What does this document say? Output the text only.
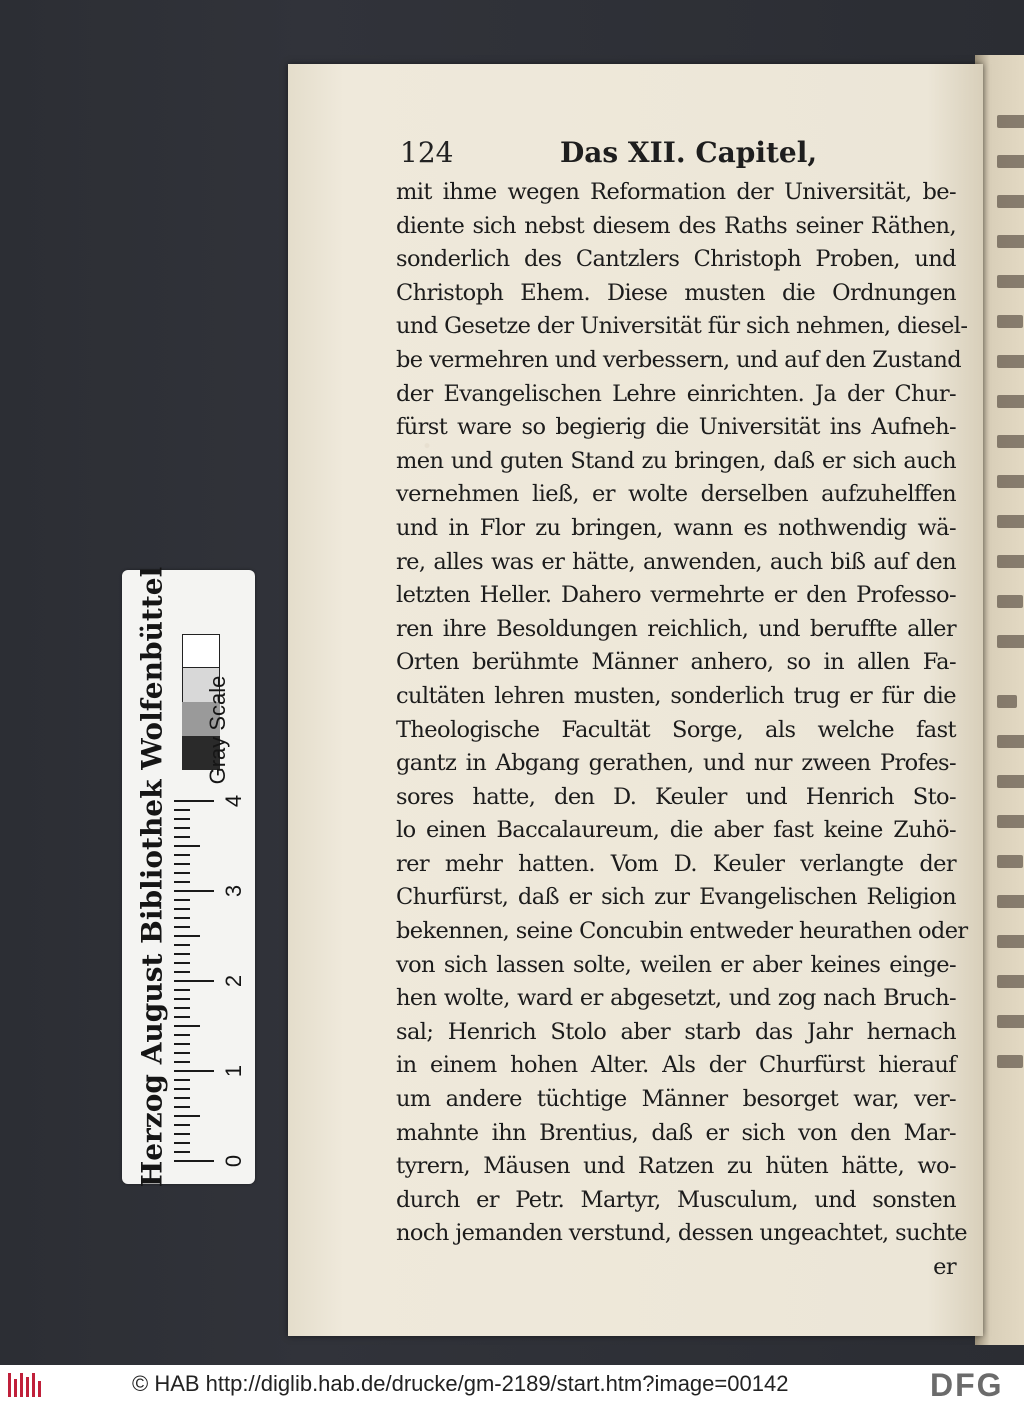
124	Das XII. Capitel,
mit ihme wegen Reformation der Universität, be-
diente sich nebst diesem des Raths seiner Räthen,
sonderlich des Cantzlers Christoph Proben, und
Christoph Ehem. Diese musten die Ordnungen
und Gesetze der Universität für sich nehmen, diesel-
be vermehren und verbessern, und auf den Zustand
der Evangelischen Lehre einrichten. Ja der Chur-
fürst ware so begierig die Universität ins Aufneh-
men und guten Stand zu bringen, daß er sich auch
vernehmen ließ, er wolte derselben aufzuhelffen
und in Flor zu bringen, wann es nothwendig wä-
re, alles was er hätte, anwenden, auch biß auf den
letzten Heller. Dahero vermehrte er den Professo-
ren ihre Besoldungen reichlich, und beruffte aller
Orten berühmte Männer anhero, so in allen Fa-
cultäten lehren musten, sonderlich trug er für die
Theologische Facultät Sorge, als welche fast
gantz in Abgang gerathen, und nur zween Profes-
sores hatte, den D. Keuler und Henrich Sto-
lo einen Baccalaureum, die aber fast keine Zuhö-
rer mehr hatten. Vom D. Keuler verlangte der
Churfürst, daß er sich zur Evangelischen Religion
bekennen, seine Concubin entweder heurathen oder
von sich lassen solte, weilen er aber keines einge-
hen wolte, ward er abgesetzt, und zog nach Bruch-
sal; Henrich Stolo aber starb das Jahr hernach
in einem hohen Alter. Als der Churfürst hierauf
um andere tüchtige Männer besorget war, ver-
mahnte ihn Brentius, daß er sich von den Mar-
tyrern, Mäusen und Ratzen zu hüten hätte, wo-
durch er Petr. Martyr, Musculum, und sonsten
noch jemanden verstund, dessen ungeachtet, suchte
er
Herzog August Bibliothek Wolfenbüttel Gray Scale
0
1
2
3
4
© HAB http://diglib.hab.de/drucke/gm-2189/start.htm?image=00142	DFG
